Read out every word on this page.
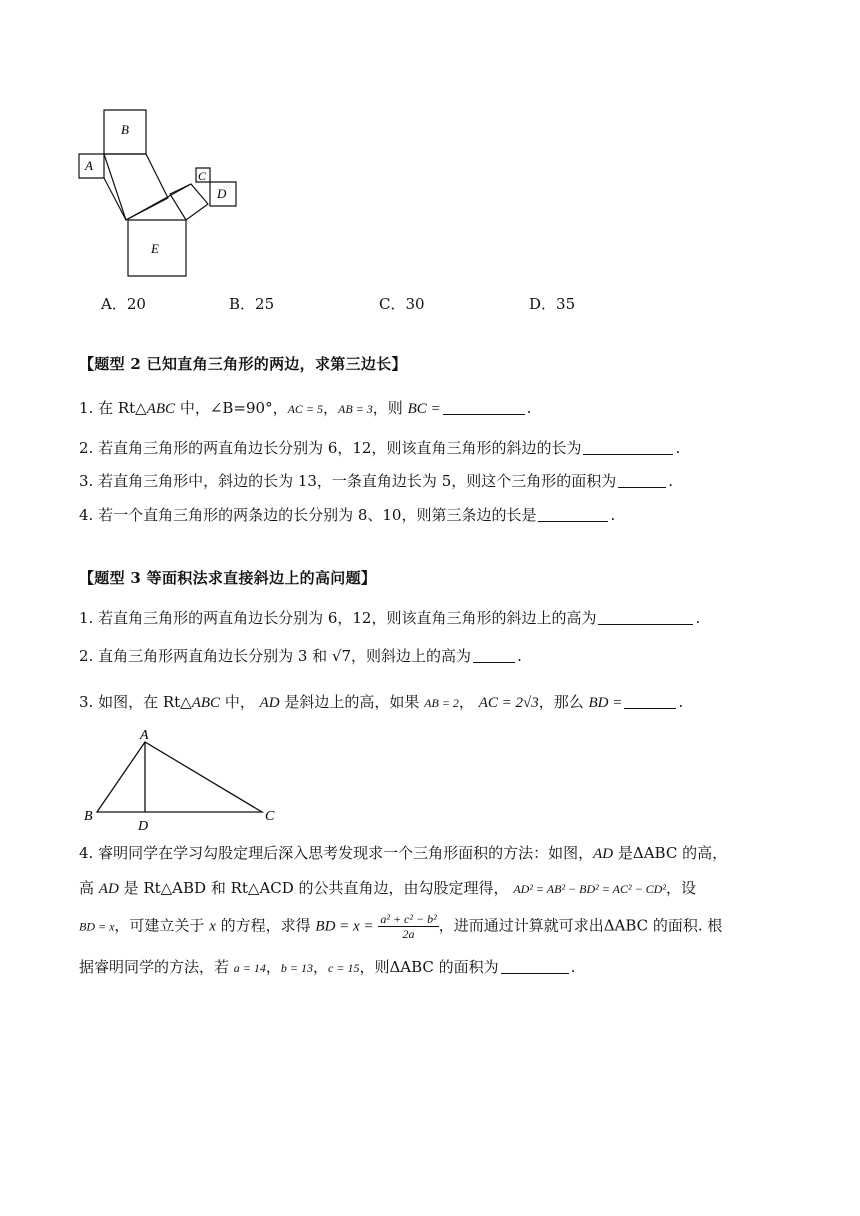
B
A
C
D
E
A．20	B．25	C．30	D．35
【题型 2 已知直角三角形的两边，求第三边长】
1. 在 Rt△ABC 中，∠B=90°，AC = 5，AB = 3，则 BC =	.
2. 若直角三角形的两直角边长分别为 6，12，则该直角三角形的斜边的长为	.
3. 若直角三角形中，斜边的长为 13，一条直角边长为 5，则这个三角形的面积为	.
4. 若一个直角三角形的两条边的长分别为 8、10，则第三条边的长是	.
【题型 3 等面积法求直接斜边上的高问题】
1. 若直角三角形的两直角边长分别为 6，12，则该直角三角形的斜边上的高为	.
2. 直角三角形两直角边长分别为 3 和 √7，则斜边上的高为	.
3. 如图，在 Rt△ABC 中， AD 是斜边上的高，如果 AB = 2， AC = 2√3，那么 BD =	.
A
B	C
D
4. 睿明同学在学习勾股定理后深入思考发现求一个三角形面积的方法：如图，AD 是ΔABC 的高，
高 AD 是 Rt△ABD 和 Rt△ACD 的公共直角边，由勾股定理得， AD² = AB² − BD² = AC² − CD²，设
BD = x，可建立关于 x 的方程，求得 BD = $x = \frac{\text{a² + c² − b²}}{2a}$ ，进而通过计算就可求出ΔABC 的面积. 根
据睿明同学的方法，若 a = 14，b = 13，c = 15，则ΔABC 的面积为	.
